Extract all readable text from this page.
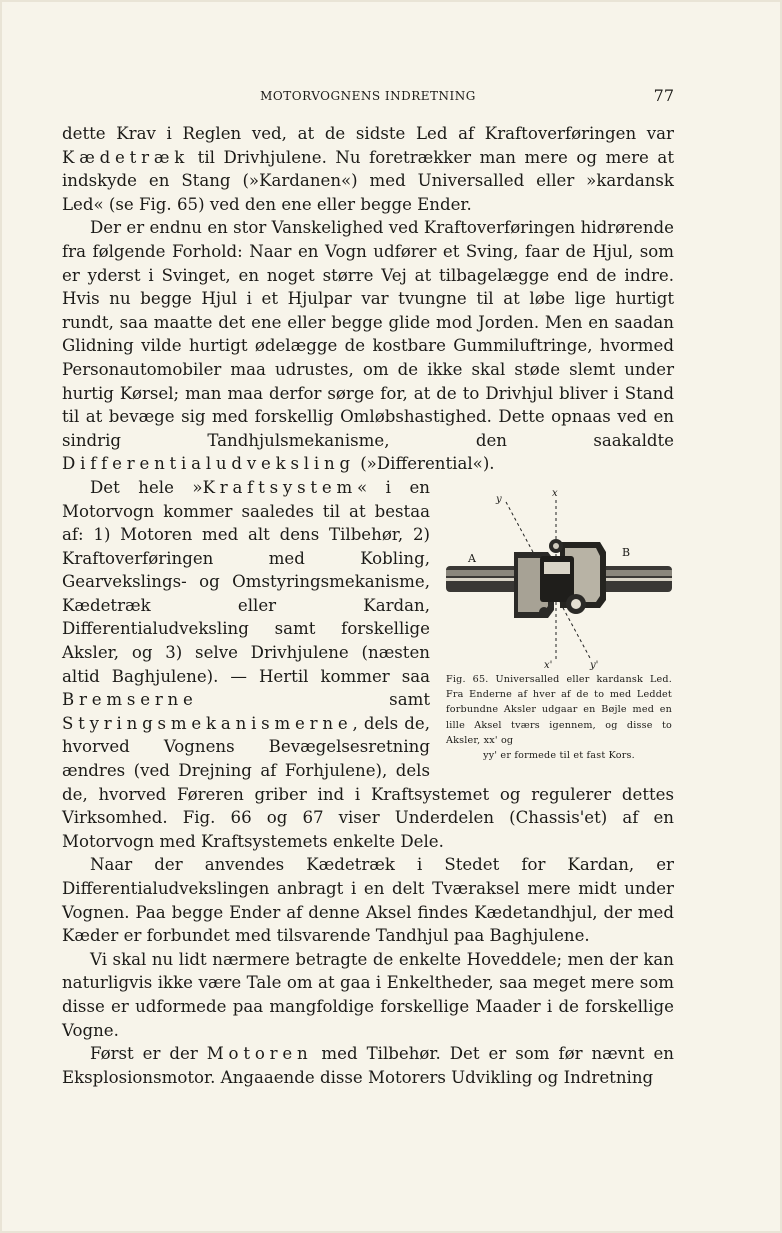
MOTORVOGNENS INDRETNING	77

dette Krav i Reglen ved, at de sidste Led af Kraftoverføringen var Kædetræk til Drivhjulene. Nu foretrækker man mere og mere at indskyde en Stang (»Kardanen«) med Universalled eller »kardansk Led« (se Fig. 65) ved den ene eller begge Ender.

Der er endnu en stor Vanskelighed ved Kraftoverføringen hidrørende fra følgende Forhold: Naar en Vogn udfører et Sving, faar de Hjul, som er yderst i Svinget, en noget større Vej at tilbagelægge end de indre. Hvis nu begge Hjul i et Hjulpar var tvungne til at løbe lige hurtigt rundt, saa maatte det ene eller begge glide mod Jorden. Men en saadan Glidning vilde hurtigt ødelægge de kostbare Gummiluftringe, hvormed Personautomobiler maa udrustes, om de ikke skal støde slemt under hurtig Kørsel; man maa derfor sørge for, at de to Drivhjul bliver i Stand til at bevæge sig med forskellig Omløbshastighed. Dette opnaas ved en sindrig Tandhjulsmekanisme, den saakaldte Differentialudveksling (»Differential«).

A	B
y
x
x'	y'
Fig. 65. Universalled eller kardansk Led. Fra Enderne af hver af de to med Leddet forbundne Aksler udgaar en Bøjle med en lille Aksel tværs igennem, og disse to Aksler, xx' og
yy' er formede til et fast Kors.

Det hele »Kraftsystem« i en Motorvogn kommer saaledes til at bestaa af: 1) Motoren med alt dens Tilbehør, 2) Kraftoverføringen med Kobling, Gearvekslings- og Omstyringsmekanisme, Kædetræk eller Kardan, Differentialudveksling samt forskellige Aksler, og 3) selve Drivhjulene (næsten altid Baghjulene). — Hertil kommer saa Bremserne samt Styringsmekanismerne, dels de, hvorved Vognens Bevægelsesretning ændres (ved Drejning af Forhjulene), dels de, hvorved Føreren griber ind i Kraftsystemet og regulerer dettes Virksomhed. Fig. 66 og 67 viser Underdelen (Chassis'et) af en Motorvogn med Kraftsystemets enkelte Dele.

Naar der anvendes Kædetræk i Stedet for Kardan, er Differentialudvekslingen anbragt i en delt Tværaksel mere midt under Vognen. Paa begge Ender af denne Aksel findes Kædetandhjul, der med Kæder er forbundet med tilsvarende Tandhjul paa Baghjulene.

Vi skal nu lidt nærmere betragte de enkelte Hoveddele; men der kan naturligvis ikke være Tale om at gaa i Enkeltheder, saa meget mere som disse er udformede paa mangfoldige forskellige Maader i de forskellige Vogne.

Først er der Motoren med Tilbehør. Det er som før nævnt en Eksplosionsmotor. Angaaende disse Motorers Udvikling og Indretning
